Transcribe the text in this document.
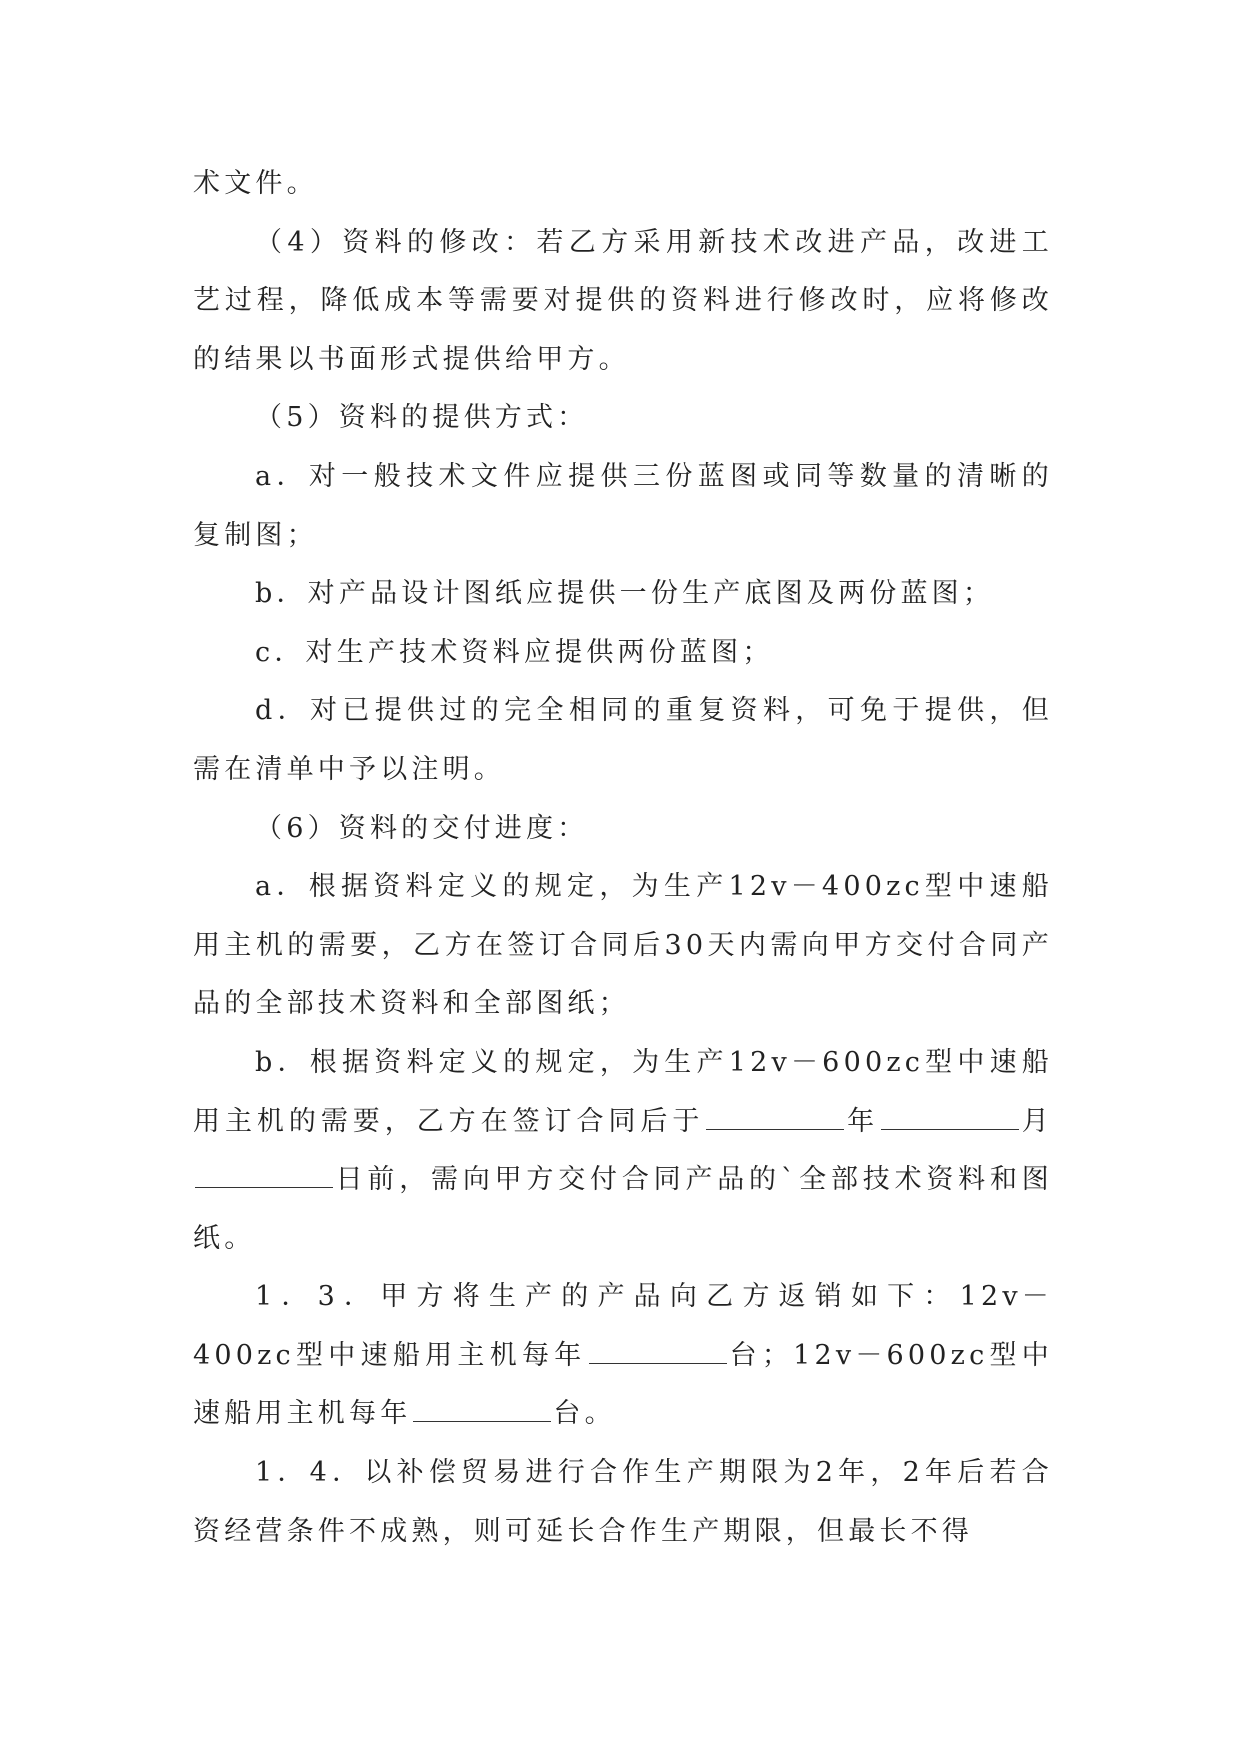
术文件。

（4）资料的修改：若乙方采用新技术改进产品，改进工艺过程，降低成本等需要对提供的资料进行修改时，应将修改的结果以书面形式提供给甲方。

（5）资料的提供方式：

a．对一般技术文件应提供三份蓝图或同等数量的清晰的复制图；

b．对产品设计图纸应提供一份生产底图及两份蓝图；

c．对生产技术资料应提供两份蓝图；

d．对已提供过的完全相同的重复资料，可免于提供，但需在清单中予以注明。

（6）资料的交付进度：

a．根据资料定义的规定，为生产12v－400zc型中速船用主机的需要，乙方在签订合同后30天内需向甲方交付合同产品的全部技术资料和全部图纸；

b．根据资料定义的规定，为生产12v－600zc型中速船用主机的需要，乙方在签订合同后于	年	月日前，需向甲方交付合同产品的`全部技术资料和图纸。

1．3．甲方将生产的产品向乙方返销如下：12v－400zc型中速船用主机每年	台；12v－600zc型中速船用主机每年	台。

1．4．以补偿贸易进行合作生产期限为2年，2年后若合资经营条件不成熟，则可延长合作生产期限，但最长不得
